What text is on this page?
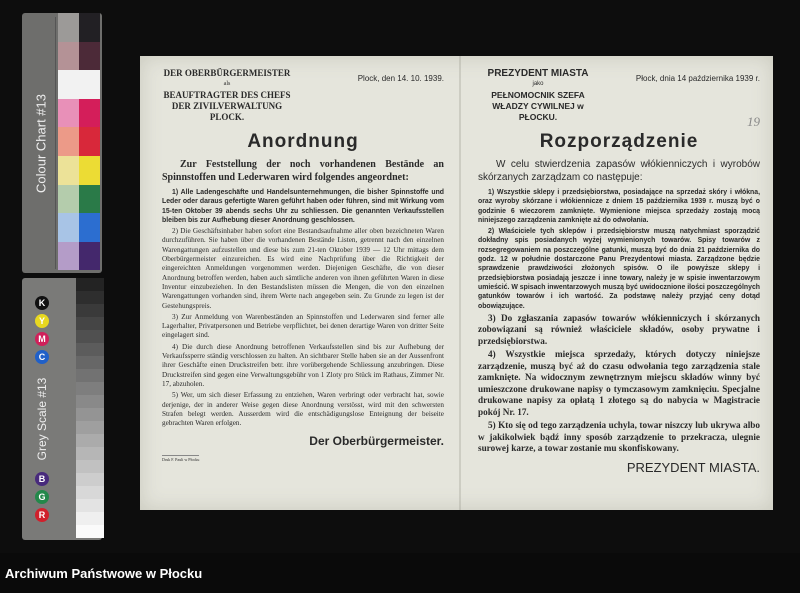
Colour Chart #13
Grey Scale #13
K
Y
M
C
B
G
R
DER OBERBÜRGERMEISTER
als
BEAUFTRAGTER DES CHEFS
DER ZIVILVERWALTUNG PLOCK.
Plock, den 14. 10. 1939.
Anordnung
Zur Feststellung der noch vorhandenen Bestände an Spinnstoffen und Lederwaren wird folgendes angeordnet:
1) Alle Ladengeschäfte und Handelsunternehmungen, die bisher Spinnstoffe und Leder oder daraus gefertigte Waren geführt haben oder führen, sind mit Wirkung vom 15-ten Oktober 39 abends sechs Uhr zu schliessen. Die genannten Verkaufsstellen bleiben bis zur Aufhebung dieser Anordnung geschlossen.
2) Die Geschäftsinhaber haben sofort eine Bestandsaufnahme aller oben bezeichneten Waren durchzuführen. Sie haben über die vorhandenen Bestände Listen, getrennt nach den einzelnen Warengattungen aufzustellen und diese bis zum 21-ten Oktober 1939 — 12 Uhr mittags dem Oberbürgermeister einzureichen. Es wird eine Nachprüfung über die Richtigkeit der eingereichten Anmeldungen vorgenommen werden. Diejenigen Geschäfte, die von dieser Anordnung betroffen werden, haben auch sämtliche anderen von ihnen geführten Waren in diese Inventur einzubeziehen. In den Bestandslisten müssen die Mengen, die von den einzelnen Warengattungen vorhanden sind, ihrem Werte nach angegeben sein. Zu Grunde zu legen ist der Gestehungspreis.
3) Zur Anmeldung von Warenbeständen an Spinnstoffen und Lederwaren sind ferner alle Lagerhalter, Privatpersonen und Betriebe verpflichtet, bei denen derartige Waren von dritter Seite eingelagert sind.
4) Die durch diese Anordnung betroffenen Verkaufsstellen sind bis zur Aufhebung der Verkaufssperre ständig verschlossen zu halten. An sichtbarer Stelle haben sie an der Aussenfront ihrer Geschäfte einen Druckstreifen betr. ihre vorübergehende Schliessung anzubringen. Diese Druckstreifen sind gegen eine Verwaltungsgebühr von 1 Zloty pro Stück im Rathaus, Zimmer Nr. 17, abzuholen.
5) Wer, um sich dieser Erfassung zu entziehen, Waren verbringt oder verbracht hat, sowie derjenige, der in anderer Weise gegen diese Anordnung verstösst, wird mit den schwersten Strafen belegt werden. Ausserdem wird die entschädigungslose Enteignung der beiseite gebrachten Waren erfolgen.
Der Oberbürgermeister.
Druk F. Pauli w Płocku
PREZYDENT MIASTA
jako
PEŁNOMOCNIK SZEFA
WŁADZY CYWILNEJ w PŁOCKU.
Płock, dnia 14 października 1939 r.
19
Rozporządzenie
W celu stwierdzenia zapasów włókienniczych i wyrobów skórzanych zarządzam co następuje:
1) Wszystkie sklepy i przedsiębiorstwa, posiadające na sprzedaż skóry i włókna, oraz wyroby skórzane i włókiennicze z dniem 15 października 1939 r. muszą być o godzinie 6 wieczorem zamknięte. Wymienione miejsca sprzedaży zostają mocą niniejszego zarządzenia zamknięte aż do odwołania.
2) Właściciele tych sklepów i przedsiębiorstw muszą natychmiast sporządzić dokładny spis posiadanych wyżej wymienionych towarów. Spisy towarów z rozsegregowaniem na poszczególne gatunki, muszą być do dnia 21 października do godz. 12 w południe dostarczone Panu Prezydentowi miasta. Zarządzone będzie sprawdzenie prawdziwości złożonych spisów. O ile powyższe sklepy i przedsiębiorstwa posiadają jeszcze i inne towary, należy je w spisie inwentarzowym umieścić. W spisach inwentarzowych muszą być uwidocznione ilości poszczególnych gatunków towarów i ich wartość. Za podstawę należy przyjąć ceny dotąd obowiązujące.
3) Do zgłaszania zapasów towarów włókienniczych i skórzanych zobowiązani są również właściciele składów, osoby prywatne i przedsiębiorstwa.
4) Wszystkie miejsca sprzedaży, których dotyczy niniejsze zarządzenie, muszą być aż do czasu odwołania tego zarządzenia stale zamknięte. Na widocznym zewnętrznym miejscu składów winny być umieszczone drukowane napisy o tymczasowym zamknięciu. Specjalne drukowane napisy za opłatą 1 złotego są do nabycia w Magistracie pokój Nr. 17.
5) Kto się od tego zarządzenia uchyla, towar niszczy lub ukrywa albo w jakikolwiek bądź inny sposób zarządzenie to przekracza, ulegnie surowej karze, a towar zostanie mu skonfiskowany.
PREZYDENT MIASTA.
Archiwum Państwowe w Płocku
